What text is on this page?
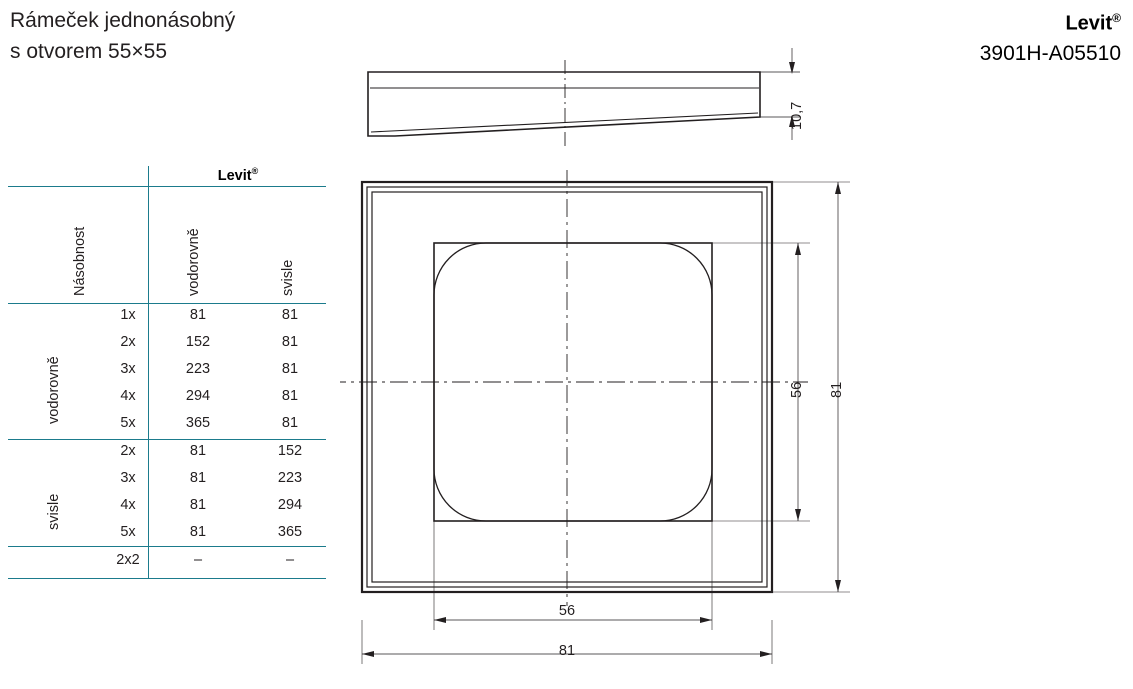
Rámeček jednonásobný
s otvorem 55×55
Levit®
3901H-A05510
Levit®
Násobnost	vodorovně	svisle
vodorovně
svisle
1x	81	81
2x	152	81
3x	223	81
4x	294	81
5x	365	81
2x	81	152
3x	81	223
4x	81	294
5x	81	365
2x2	–	–
10,7
56 81
56
81
